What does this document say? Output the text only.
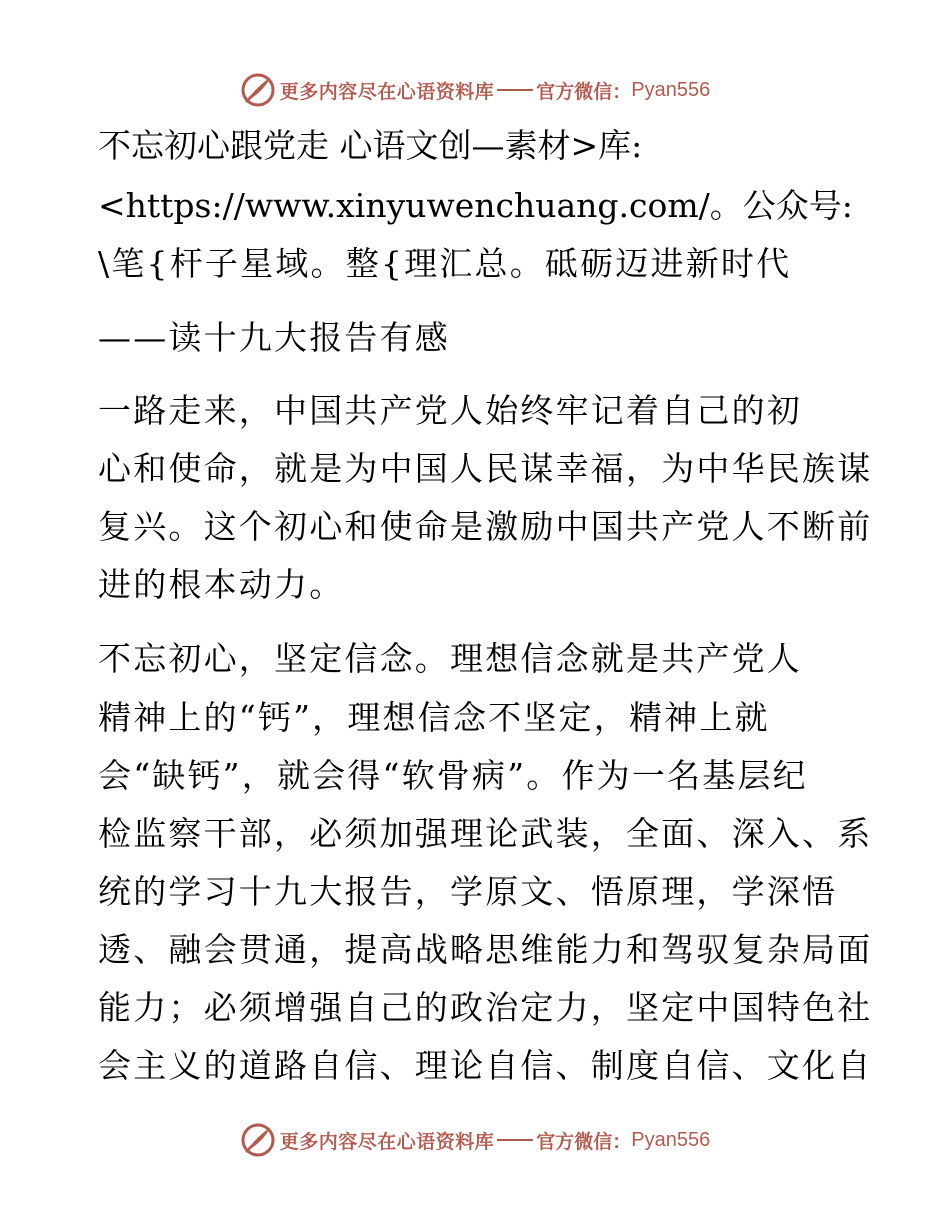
更多内容尽在心语资料库 官方微信： Pyan556
不忘初心跟党走 心语文创—素材>库:
<https://www.xinyuwenchuang.com/。公众号:
\笔{杆子星域。整{理汇总。砥砺迈进新时代
——读十九大报告有感
一路走来，中国共产党人始终牢记着自己的初
心和使命，就是为中国人民谋幸福，为中华民族谋
复兴。这个初心和使命是激励中国共产党人不断前
进的根本动力。
不忘初心，坚定信念。理想信念就是共产党人
精神上的“钙”，理想信念不坚定，精神上就
会“缺钙”，就会得“软骨病”。作为一名基层纪
检监察干部，必须加强理论武装，全面、深入、系
统的学习十九大报告，学原文、悟原理，学深悟
透、融会贯通，提高战略思维能力和驾驭复杂局面
能力；必须增强自己的政治定力，坚定中国特色社
会主义的道路自信、理论自信、制度自信、文化自
更多内容尽在心语资料库 官方微信： Pyan556
